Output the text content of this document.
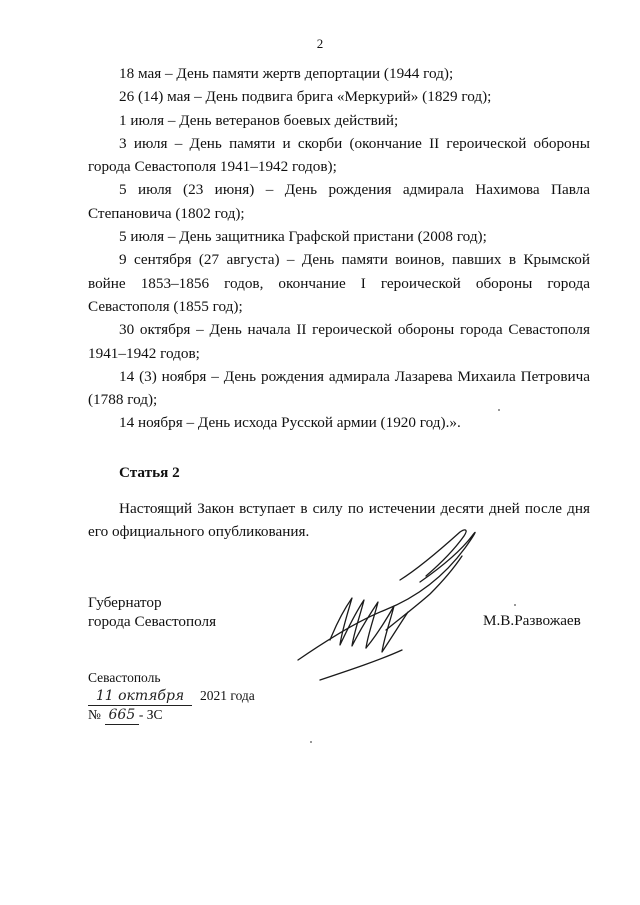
2

18 мая – День памяти жертв депортации (1944 год);

26 (14) мая – День подвига брига «Меркурий» (1829 год);

1 июля – День ветеранов боевых действий;

3 июля – День памяти и скорби (окончание II героической обороны города Севастополя 1941–1942 годов);

5 июля (23 июня) – День рождения адмирала Нахимова Павла Степановича (1802 год);

5 июля – День защитника Графской пристани (2008 год);

9 сентября (27 августа) – День памяти воинов, павших в Крымской войне 1853–1856 годов, окончание I героической обороны города Севастополя (1855 год);

30 октября – День начала II героической обороны города Севастополя 1941–1942 годов;

14 (3) ноября – День рождения адмирала Лазарева Михаила Петровича (1788 год);

14 ноября – День исхода Русской армии (1920 год).».

Статья 2

Настоящий Закон вступает в силу по истечении десяти дней после дня его официального опубликования.

Губернатор
города Севастополя	М.В.Развожаев
Севастополь
11 октября 2021 года
№ 665 - ЗС
